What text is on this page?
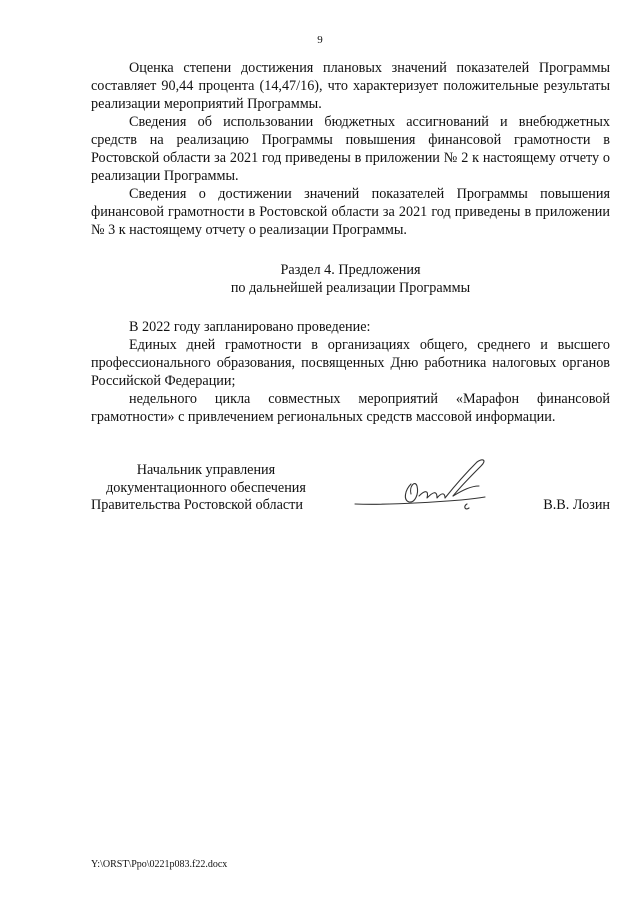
9

Оценка степени достижения плановых значений показателей Программы составляет 90,44 процента (14,47/16), что характеризует положительные результаты реализации мероприятий Программы.

Сведения об использовании бюджетных ассигнований и внебюджетных средств на реализацию Программы повышения финансовой грамотности в Ростовской области за 2021 год приведены в приложении № 2 к настоящему отчету о реализации Программы.

Сведения о достижении значений показателей Программы повышения финансовой грамотности в Ростовской области за 2021 год приведены в приложении № 3 к настоящему отчету о реализации Программы.

Раздел 4. Предложения
по дальнейшей реализации Программы

В 2022 году запланировано проведение:

Единых дней грамотности в организациях общего, среднего и высшего профессионального образования, посвященных Дню работника налоговых органов Российской Федерации;

недельного цикла совместных мероприятий «Марафон финансовой грамотности» с привлечением региональных средств массовой информации.

Начальник управления
документационного обеспечения
Правительства Ростовской области	В.В. Лозин
Y:\ORST\Ppo\0221p083.f22.docx
